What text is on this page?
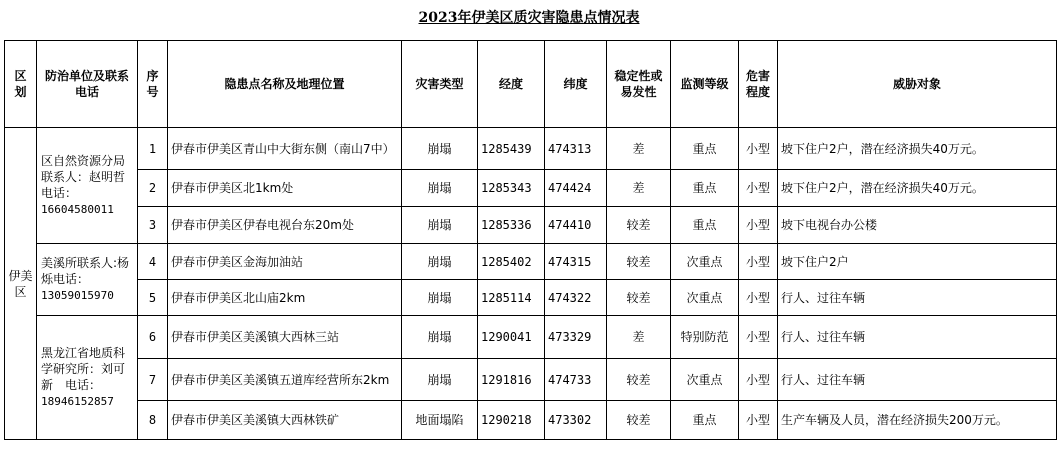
2023年伊美区质灾害隐患点情况表
区划	防治单位及联系电话	序号	隐患点名称及地理位置	灾害类型	经度	纬度	稳定性或易发性	监测等级	危害程度	威胁对象
伊美区	区自然资源分局联系人：赵明哲 电话：16604580011	1	伊春市伊美区青山中大街东侧（南山7中）	崩塌	1285439	474313	差	重点	小型	坡下住户2户，潜在经济损失40万元。
		2	伊春市伊美区北1km处	崩塌	1285343	474424	差	重点	小型	坡下住户2户，潜在经济损失40万元。
		3	伊春市伊美区伊春电视台东20m处	崩塌	1285336	474410	较差	重点	小型	坡下电视台办公楼
	美溪所联系人:杨烁电话：13059015970	4	伊春市伊美区金海加油站	崩塌	1285402	474315	较差	次重点	小型	坡下住户2户
		5	伊春市伊美区北山庙2km	崩塌	1285114	474322	较差	次重点	小型	行人、过往车辆
	黑龙江省地质科学研究所：刘可新　电话：18946152857	6	伊春市伊美区美溪镇大西林三站	崩塌	1290041	473329	差	特别防范	小型	行人、过往车辆
		7	伊春市伊美区美溪镇五道库经营所东2km	崩塌	1291816	474733	较差	次重点	小型	行人、过往车辆
		8	伊春市伊美区美溪镇大西林铁矿	地面塌陷	1290218	473302	较差	重点	小型	生产车辆及人员，潜在经济损失200万元。
